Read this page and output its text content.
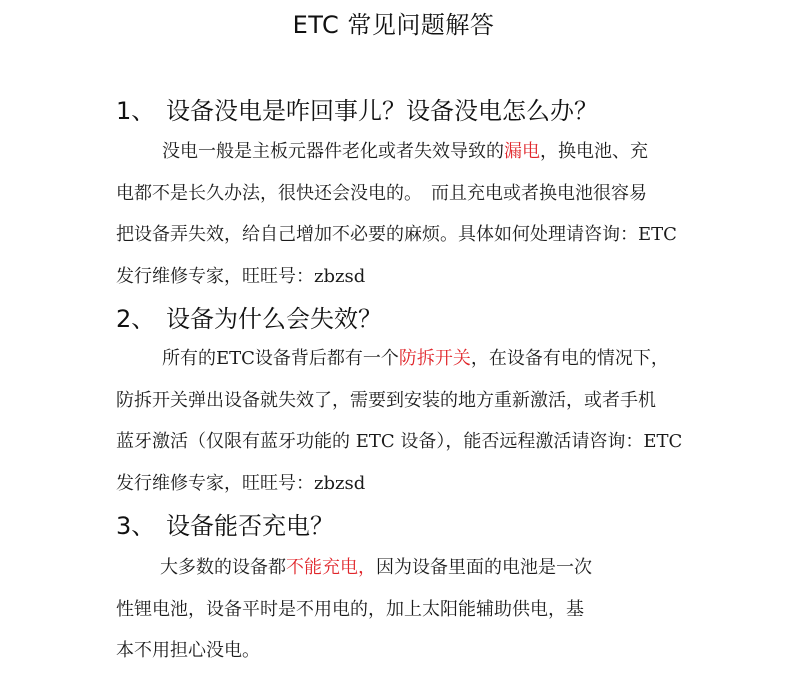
ETC 常见问题解答
1、 设备没电是咋回事儿？设备没电怎么办？
没电一般是主板元器件老化或者失效导致的漏电，换电池、充
电都不是长久办法，很快还会没电的。　而且充电或者换电池很容易
把设备弄失效，给自己增加不必要的麻烦。具体如何处理请咨询：ETC
发行维修专家，旺旺号：zbzsd
2、 设备为什么会失效？
所有的ETC设备背后都有一个防拆开关，在设备有电的情况下，
防拆开关弹出设备就失效了，需要到安装的地方重新激活，或者手机
蓝牙激活（仅限有蓝牙功能的 ETC 设备），能否远程激活请咨询：ETC
发行维修专家，旺旺号：zbzsd
3、 设备能否充电？
大多数的设备都不能充电，因为设备里面的电池是一次
性锂电池，设备平时是不用电的，加上太阳能辅助供电，基
本不用担心没电。
